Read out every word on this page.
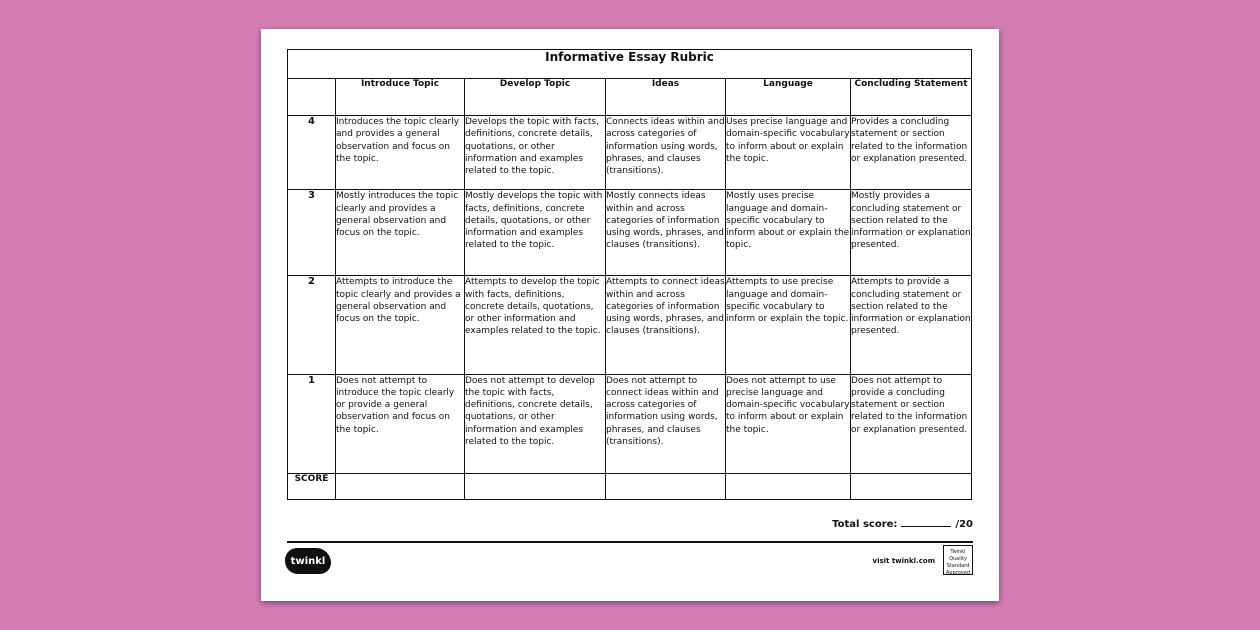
Informative Essay Rubric					
	Introduce Topic	Develop Topic	Ideas	Language	Concluding Statement
4	Introduces the topic clearly and provides a general observation and focus on the topic.	Develops the topic with facts, definitions, concrete details, quotations, or other information and examples related to the topic.	Connects ideas within and across categories of information using words, phrases, and clauses (transitions).	Uses precise language and domain-specific vocabulary to inform about or explain the topic.	Provides a concluding statement or section related to the information or explanation presented.
3	Mostly introduces the topic clearly and provides a general observation and focus on the topic.	Mostly develops the topic with facts, definitions, concrete details, quotations, or other information and examples related to the topic.	Mostly connects ideas within and across categories of information using words, phrases, and clauses (transitions).	Mostly uses precise language and domain-specific vocabulary to inform about or explain the topic.	Mostly provides a concluding statement or section related to the information or explanation presented.
2	Attempts to introduce the topic clearly and provides a general observation and focus on the topic.	Attempts to develop the topic with facts, definitions, concrete details, quotations, or other information and examples related to the topic.	Attempts to connect ideas within and across categories of information using words, phrases, and clauses (transitions).	Attempts to use precise language and domain-specific vocabulary to inform or explain the topic.	Attempts to provide a concluding statement or section related to the information or explanation presented.
1	Does not attempt to introduce the topic clearly or provide a general observation and focus on the topic.	Does not attempt to develop the topic with facts, definitions, concrete details, quotations, or other information and examples related to the topic.	Does not attempt to connect ideas within and across categories of information using words, phrases, and clauses (transitions).	Does not attempt to use precise language and domain-specific vocabulary to inform about or explain the topic.	Does not attempt to provide a concluding statement or section related to the information or explanation presented.
SCORE					
Total score:	/20
twinkl	visit twinkl.com
Twinkl Quality Standard Approved
